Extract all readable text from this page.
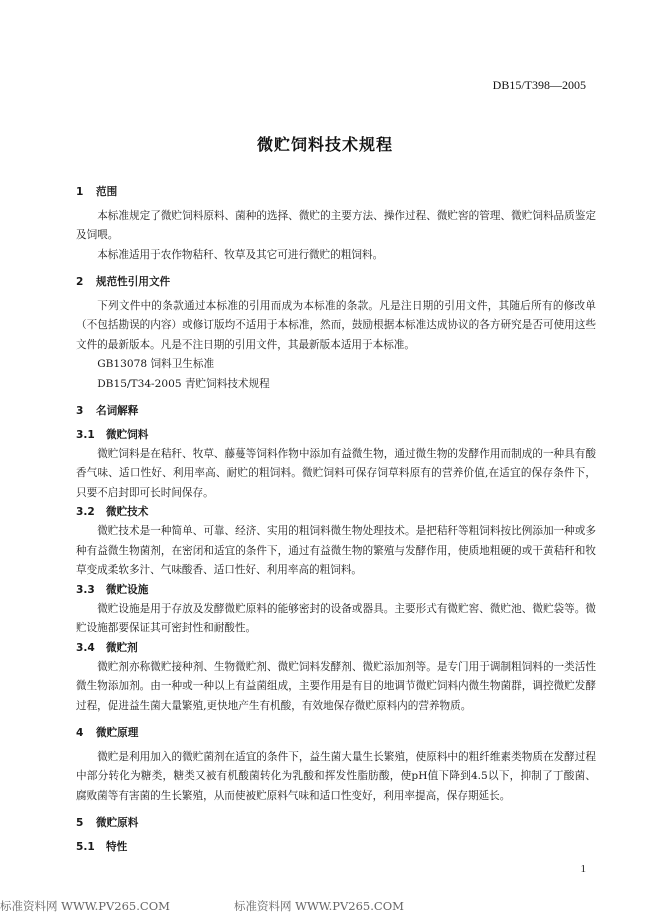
DB15/T398—2005
微贮饲料技术规程
1 范围

本标准规定了微贮饲料原料、菌种的选择、微贮的主要方法、操作过程、微贮窖的管理、微贮饲料品质鉴定及饲喂。

本标准适用于农作物秸秆、牧草及其它可进行微贮的粗饲料。

2 规范性引用文件

下列文件中的条款通过本标准的引用而成为本标准的条款。凡是注日期的引用文件，其随后所有的修改单（不包括勘误的内容）或修订版均不适用于本标准，然而，鼓励根据本标准达成协议的各方研究是否可使用这些文件的最新版本。凡是不注日期的引用文件，其最新版本适用于本标准。

GB13078 饲料卫生标准

DB15/T34-2005 青贮饲料技术规程

3 名词解释
3.1 微贮饲料

微贮饲料是在秸秆、牧草、藤蔓等饲料作物中添加有益微生物，通过微生物的发酵作用而制成的一种具有酸香气味、适口性好、利用率高、耐贮的粗饲料。微贮饲料可保存饲草料原有的营养价值,在适宜的保存条件下，只要不启封即可长时间保存。

3.2 微贮技术

微贮技术是一种简单、可靠、经济、实用的粗饲料微生物处理技术。是把秸秆等粗饲料按比例添加一种或多种有益微生物菌剂，在密闭和适宜的条件下，通过有益微生物的繁殖与发酵作用，使质地粗硬的或干黄秸秆和牧草变成柔软多汁、气味酸香、适口性好、利用率高的粗饲料。

3.3 微贮设施

微贮设施是用于存放及发酵微贮原料的能够密封的设备或器具。主要形式有微贮窖、微贮池、微贮袋等。微贮设施都要保证其可密封性和耐酸性。

3.4 微贮剂

微贮剂亦称微贮接种剂、生物微贮剂、微贮饲料发酵剂、微贮添加剂等。是专门用于调制粗饲料的一类活性微生物添加剂。由一种或一种以上有益菌组成，主要作用是有目的地调节微贮饲料内微生物菌群，调控微贮发酵过程，促进益生菌大量繁殖,更快地产生有机酸，有效地保存微贮原料内的营养物质。

4 微贮原理

微贮是利用加入的微贮菌剂在适宜的条件下，益生菌大量生长繁殖，使原料中的粗纤维素类物质在发酵过程中部分转化为糖类，糖类又被有机酸菌转化为乳酸和挥发性脂肪酸，使pH值下降到4.5以下，抑制了丁酸菌、腐败菌等有害菌的生长繁殖，从而使被贮原料气味和适口性变好，利用率提高，保存期延长。

5 微贮原料
5.1 特性
1
标准资料网 WWW.PV265.COM	标准资料网 WWW.PV265.COM
